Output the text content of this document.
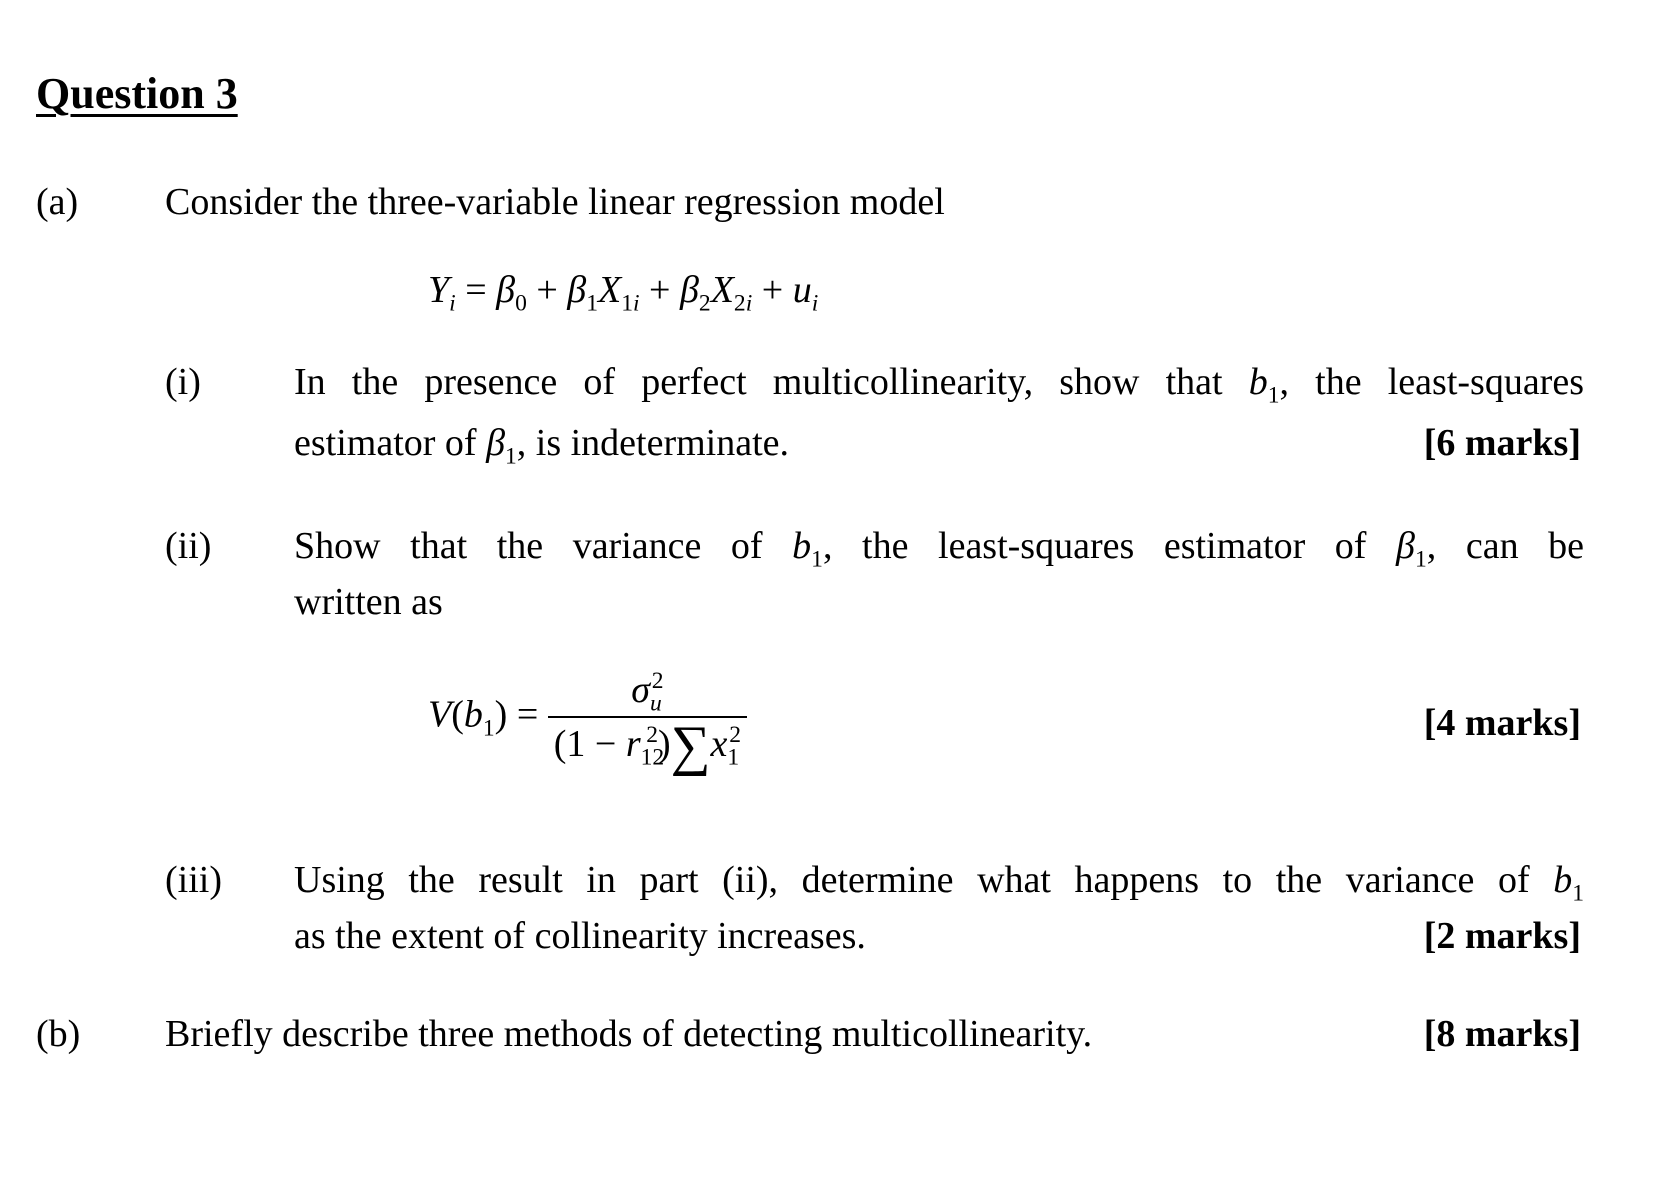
Question 3
(a) Consider the three-variable linear regression model
$Y_i = \beta_0 + \beta_1X_{1i} + \beta_2X_{2i} + u_i$
(i) In the presence of perfect multicollinearity, show that $b_1$, the least-squares
estimator of $\beta_1$, is indeterminate.	[6 marks]
(ii) Show that the variance of $b_1$, the least-squares estimator of $\beta_1$, can be
written as
$V(b_1) = \frac{\sigma_u^2}{(1 - r_{12}^2)\sum x_1^2}$	[4 marks]
(iii) Using the result in part (ii), determine what happens to the variance of $b_1$
as the extent of collinearity increases.	[2 marks]
(b) Briefly describe three methods of detecting multicollinearity.	[8 marks]
